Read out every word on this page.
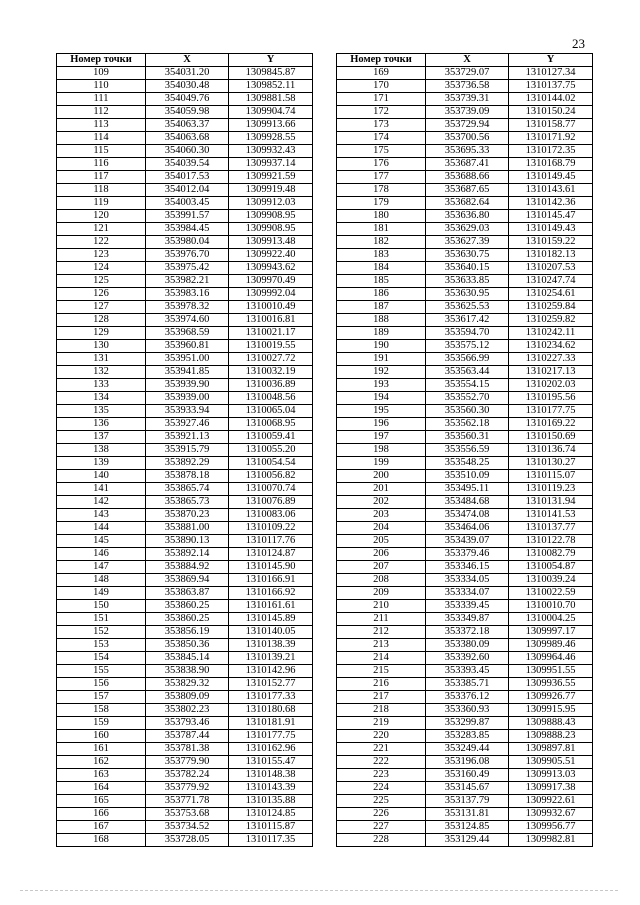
23
Номер точки	X	Y
109	354031.20	1309845.87
110	354030.48	1309852.11
111	354049.76	1309881.58
112	354059.98	1309904.74
113	354063.37	1309913.66
114	354063.68	1309928.55
115	354060.30	1309932.43
116	354039.54	1309937.14
117	354017.53	1309921.59
118	354012.04	1309919.48
119	354003.45	1309912.03
120	353991.57	1309908.95
121	353984.45	1309908.95
122	353980.04	1309913.48
123	353976.70	1309922.40
124	353975.42	1309943.62
125	353982.21	1309970.49
126	353983.16	1309992.04
127	353978.32	1310010.49
128	353974.60	1310016.81
129	353968.59	1310021.17
130	353960.81	1310019.55
131	353951.00	1310027.72
132	353941.85	1310032.19
133	353939.90	1310036.89
134	353939.00	1310048.56
135	353933.94	1310065.04
136	353927.46	1310068.95
137	353921.13	1310059.41
138	353915.79	1310055.20
139	353892.29	1310054.54
140	353878.18	1310056.82
141	353865.74	1310070.74
142	353865.73	1310076.89
143	353870.23	1310083.06
144	353881.00	1310109.22
145	353890.13	1310117.76
146	353892.14	1310124.87
147	353884.92	1310145.90
148	353869.94	1310166.91
149	353863.87	1310166.92
150	353860.25	1310161.61
151	353860.25	1310145.89
152	353856.19	1310140.05
153	353850.36	1310138.39
154	353845.14	1310139.21
155	353838.90	1310142.96
156	353829.32	1310152.77
157	353809.09	1310177.33
158	353802.23	1310180.68
159	353793.46	1310181.91
160	353787.44	1310177.75
161	353781.38	1310162.96
162	353779.90	1310155.47
163	353782.24	1310148.38
164	353779.92	1310143.39
165	353771.78	1310135.88
166	353753.68	1310124.85
167	353734.52	1310115.87
168	353728.05	1310117.35
Номер точки	X	Y
169	353729.07	1310127.34
170	353736.58	1310137.75
171	353739.31	1310144.02
172	353739.09	1310150.24
173	353729.94	1310158.77
174	353700.56	1310171.92
175	353695.33	1310172.35
176	353687.41	1310168.79
177	353688.66	1310149.45
178	353687.65	1310143.61
179	353682.64	1310142.36
180	353636.80	1310145.47
181	353629.03	1310149.43
182	353627.39	1310159.22
183	353630.75	1310182.13
184	353640.15	1310207.53
185	353633.85	1310247.74
186	353630.95	1310254.61
187	353625.53	1310259.84
188	353617.42	1310259.82
189	353594.70	1310242.11
190	353575.12	1310234.62
191	353566.99	1310227.33
192	353563.44	1310217.13
193	353554.15	1310202.03
194	353552.70	1310195.56
195	353560.30	1310177.75
196	353562.18	1310169.22
197	353560.31	1310150.69
198	353556.59	1310136.74
199	353548.25	1310130.27
200	353510.09	1310115.07
201	353495.11	1310119.23
202	353484.68	1310131.94
203	353474.08	1310141.53
204	353464.06	1310137.77
205	353439.07	1310122.78
206	353379.46	1310082.79
207	353346.15	1310054.87
208	353334.05	1310039.24
209	353334.07	1310022.59
210	353339.45	1310010.70
211	353349.87	1310004.25
212	353372.18	1309997.17
213	353380.09	1309989.46
214	353392.60	1309964.46
215	353393.45	1309951.55
216	353385.71	1309936.55
217	353376.12	1309926.77
218	353360.93	1309915.95
219	353299.87	1309888.43
220	353283.85	1309888.23
221	353249.44	1309897.81
222	353196.08	1309905.51
223	353160.49	1309913.03
224	353145.67	1309917.38
225	353137.79	1309922.61
226	353131.81	1309932.67
227	353124.85	1309956.77
228	353129.44	1309982.81
